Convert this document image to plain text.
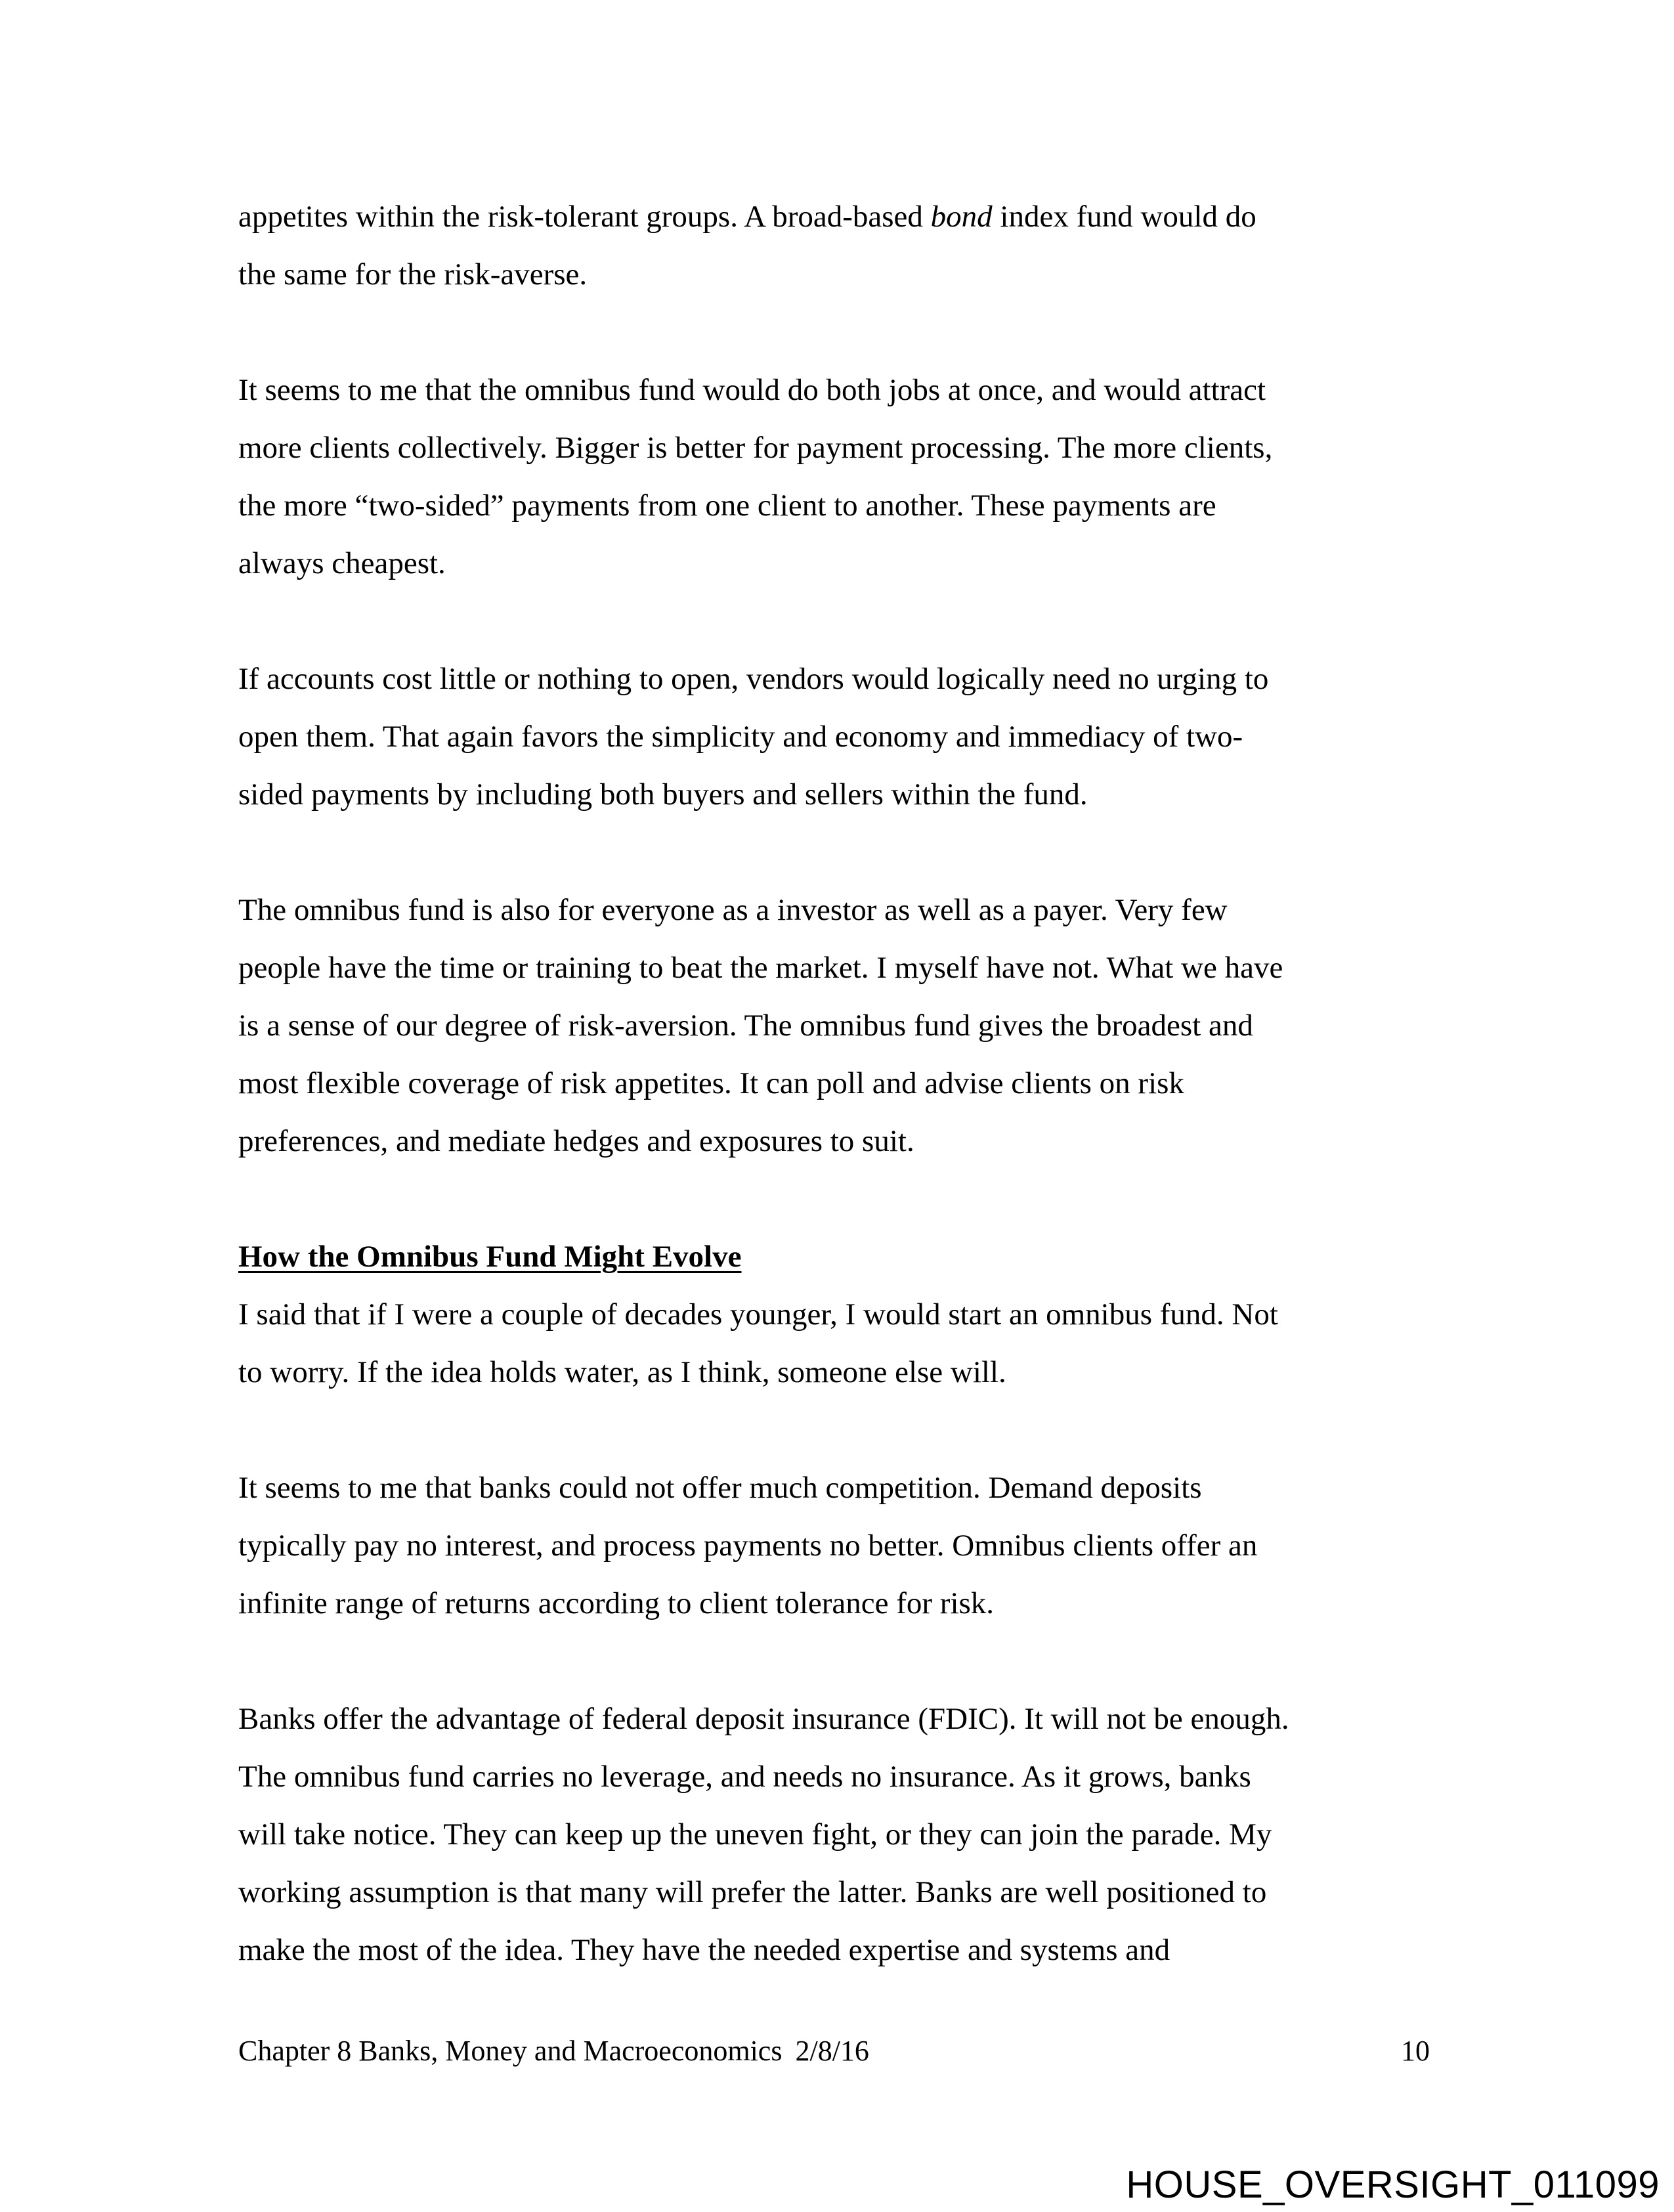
appetites within the risk-tolerant groups. A broad-based bond index fund would do
the same for the risk-averse.
It seems to me that the omnibus fund would do both jobs at once, and would attract
more clients collectively. Bigger is better for payment processing. The more clients,
the more “two-sided” payments from one client to another. These payments are
always cheapest.
If accounts cost little or nothing to open, vendors would logically need no urging to
open them. That again favors the simplicity and economy and immediacy of two-
sided payments by including both buyers and sellers within the fund.
The omnibus fund is also for everyone as a investor as well as a payer. Very few
people have the time or training to beat the market. I myself have not. What we have
is a sense of our degree of risk-aversion. The omnibus fund gives the broadest and
most flexible coverage of risk appetites. It can poll and advise clients on risk
preferences, and mediate hedges and exposures to suit.
How the Omnibus Fund Might Evolve
I said that if I were a couple of decades younger, I would start an omnibus fund. Not
to worry. If the idea holds water, as I think, someone else will.
It seems to me that banks could not offer much competition. Demand deposits
typically pay no interest, and process payments no better. Omnibus clients offer an
infinite range of returns according to client tolerance for risk.
Banks offer the advantage of federal deposit insurance (FDIC). It will not be enough.
The omnibus fund carries no leverage, and needs no insurance. As it grows, banks
will take notice. They can keep up the uneven fight, or they can join the parade. My
working assumption is that many will prefer the latter. Banks are well positioned to
make the most of the idea. They have the needed expertise and systems and
Chapter 8 Banks, Money and Macroeconomics 2/8/16	10
HOUSE_OVERSIGHT_011099
